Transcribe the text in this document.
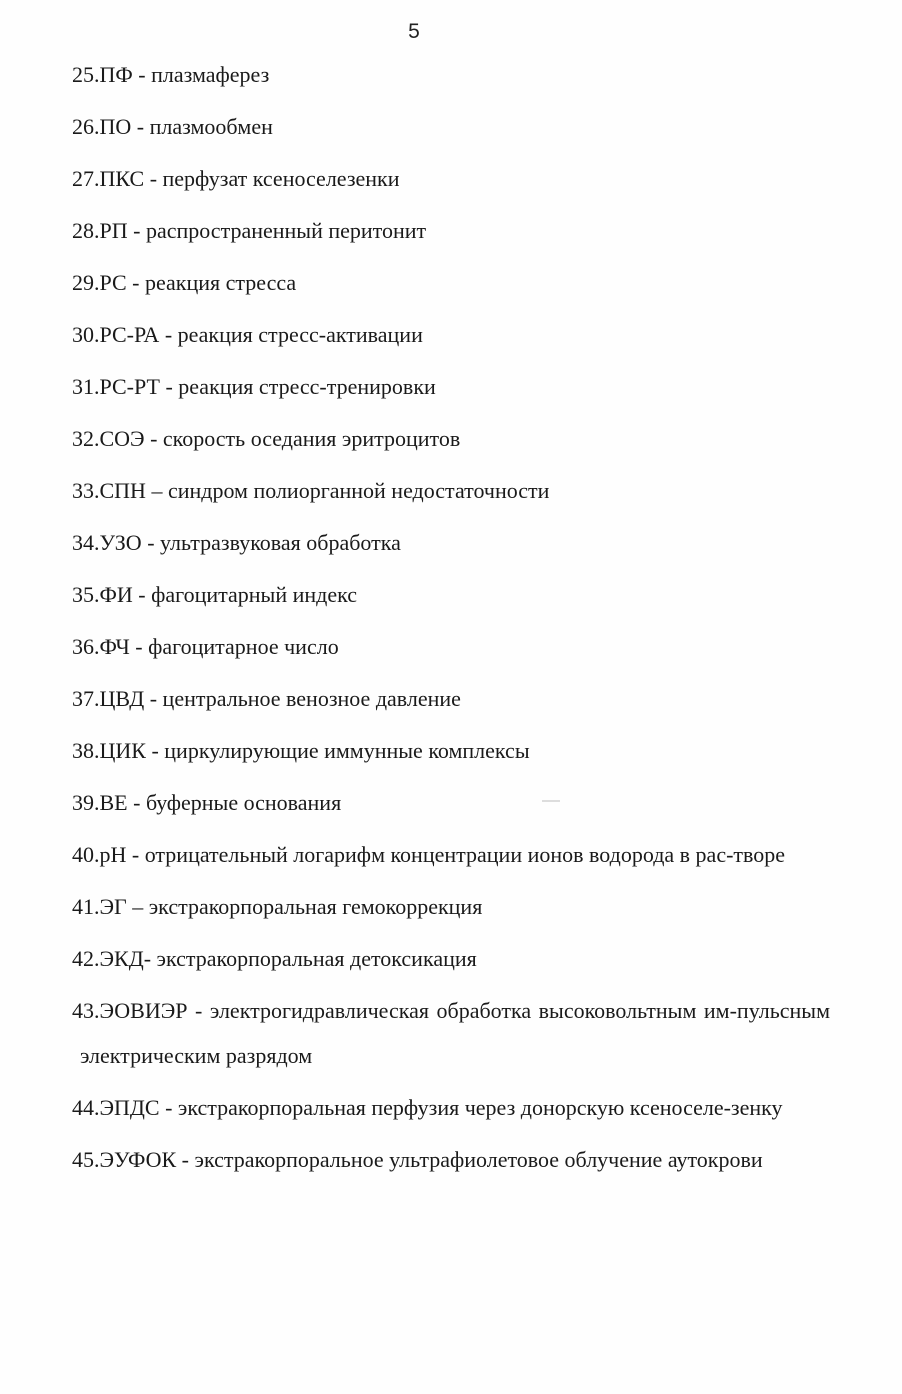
5
25.ПФ - плазмаферез
26.ПО - плазмообмен
27.ПКС - перфузат ксеноселезенки
28.РП - распространенный перитонит
29.РС - реакция стресса
30.РС-РА - реакция стресс-активации
31.РС-РТ - реакция стресс-тренировки
32.СОЭ - скорость оседания эритроцитов
33.СПН – синдром полиорганной недостаточности
34.УЗО - ультразвуковая обработка
35.ФИ - фагоцитарный индекс
36.ФЧ - фагоцитарное число
37.ЦВД - центральное венозное давление
38.ЦИК - циркулирующие иммунные комплексы
39.ВЕ - буферные основания
40.рН - отрицательный логарифм концентрации ионов водорода в рас-твоpe
41.ЭГ – экстракорпоральная гемокоррекция
42.ЭКД- экстракорпоральная детоксикация
43.ЭОВИЭР - электрогидравлическая обработка высоковольтным им-пульсным электрическим разрядом
44.ЭПДС - экстракорпоральная перфузия через донорскую ксеноселе-зенку
45.ЭУФОК - экстракорпоральное ультрафиолетовое облучение аутокрови
